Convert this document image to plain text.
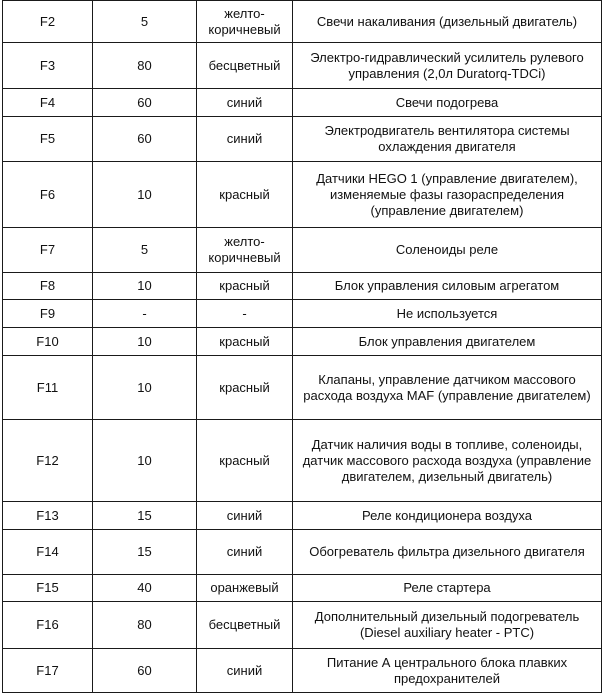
F2	5	желто-коричневый	Свечи накаливания (дизельный двигатель)
F3	80	бесцветный	Электро-гидравлический усилитель рулевого управления (2,0л Duratorq-TDCi)
F4	60	синий	Свечи подогрева
F5	60	синий	Электродвигатель вентилятора системы охлаждения двигателя
F6	10	красный	Датчики HEGO 1 (управление двигателем), изменяемые фазы газораспределения (управление двигателем)
F7	5	желто-коричневый	Соленоиды реле
F8	10	красный	Блок управления силовым агрегатом
F9	-	-	Не используется
F10	10	красный	Блок управления двигателем
F11	10	красный	Клапаны, управление датчиком массового расхода воздуха MAF (управление двигателем)
F12	10	красный	Датчик наличия воды в топливе, соленоиды, датчик массового расхода воздуха (управление двигателем, дизельный двигатель)
F13	15	синий	Реле кондиционера воздуха
F14	15	синий	Обогреватель фильтра дизельного двигателя
F15	40	оранжевый	Реле стартера
F16	80	бесцветный	Дополнительный дизельный подогреватель (Diesel auxiliary heater - PTC)
F17	60	синий	Питание А центрального блока плавких предохранителей
